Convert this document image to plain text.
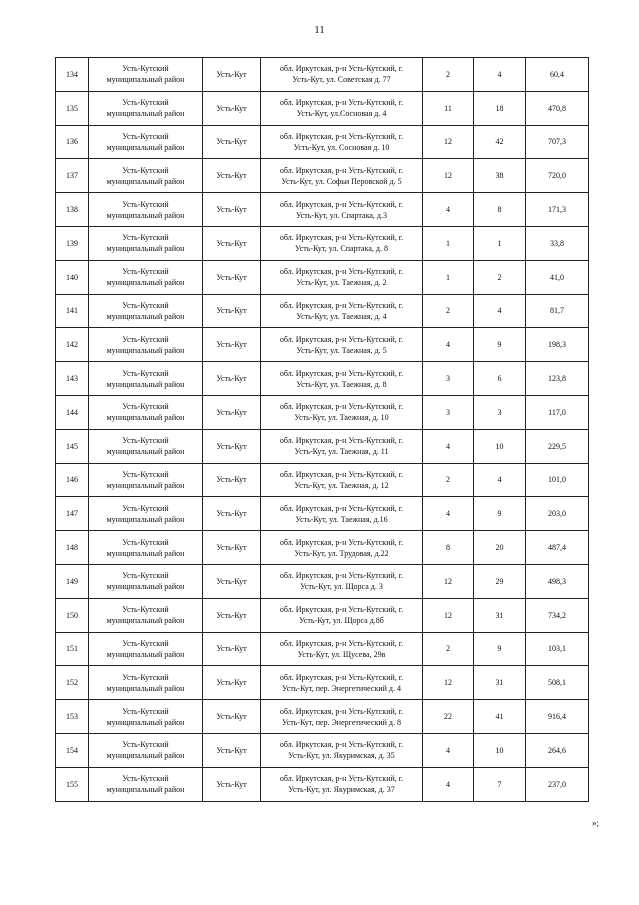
11
134	Усть-Кутский
муниципальный район	Усть-Кут	обл. Иркутская, р-н Усть-Кутский, г.
Усть-Кут, ул. Советская д. 77	2	4	60,4
135	Усть-Кутский
муниципальный район	Усть-Кут	обл. Иркутская, р-н Усть-Кутский, г.
Усть-Кут, ул.Сосновая д. 4	11	18	470,8
136	Усть-Кутский
муниципальный район	Усть-Кут	обл. Иркутская, р-н Усть-Кутский, г.
Усть-Кут, ул. Сосновая д. 10	12	42	707,3
137	Усть-Кутский
муниципальный район	Усть-Кут	обл. Иркутская, р-н Усть-Кутский, г.
Усть-Кут, ул. Софьи Перовской д. 5	12	38	720,0
138	Усть-Кутский
муниципальный район	Усть-Кут	обл. Иркутская, р-н Усть-Кутский, г.
Усть-Кут, ул. Спартака, д.3	4	8	171,3
139	Усть-Кутский
муниципальный район	Усть-Кут	обл. Иркутская, р-н Усть-Кутский, г.
Усть-Кут, ул. Спартака, д. 8	1	1	33,8
140	Усть-Кутский
муниципальный район	Усть-Кут	обл. Иркутская, р-н Усть-Кутский, г.
Усть-Кут, ул. Таежная, д. 2	1	2	41,0
141	Усть-Кутский
муниципальный район	Усть-Кут	обл. Иркутская, р-н Усть-Кутский, г.
Усть-Кут, ул. Таежная, д. 4	2	4	81,7
142	Усть-Кутский
муниципальный район	Усть-Кут	обл. Иркутская, р-н Усть-Кутский, г.
Усть-Кут, ул. Таежная, д. 5	4	9	198,3
143	Усть-Кутский
муниципальный район	Усть-Кут	обл. Иркутская, р-н Усть-Кутский, г.
Усть-Кут, ул. Таежная, д. 8	3	6	123,8
144	Усть-Кутский
муниципальный район	Усть-Кут	обл. Иркутская, р-н Усть-Кутский, г.
Усть-Кут, ул. Таежная, д. 10	3	3	117,0
145	Усть-Кутский
муниципальный район	Усть-Кут	обл. Иркутская, р-н Усть-Кутский, г.
Усть-Кут, ул. Таежная, д. 11	4	10	229,5
146	Усть-Кутский
муниципальный район	Усть-Кут	обл. Иркутская, р-н Усть-Кутский, г.
Усть-Кут, ул. Таежная, д. 12	2	4	101,0
147	Усть-Кутский
муниципальный район	Усть-Кут	обл. Иркутская, р-н Усть-Кутский, г.
Усть-Кут, ул. Таежная, д.16	4	9	203,0
148	Усть-Кутский
муниципальный район	Усть-Кут	обл. Иркутская, р-н Усть-Кутский, г.
Усть-Кут, ул. Трудовая, д.22	8	20	487,4
149	Усть-Кутский
муниципальный район	Усть-Кут	обл. Иркутская, р-н Усть-Кутский, г.
Усть-Кут, ул. Щорса д. 3	12	29	498,3
150	Усть-Кутский
муниципальный район	Усть-Кут	обл. Иркутская, р-н Усть-Кутский, г.
Усть-Кут, ул. Щорса д.8б	12	31	734,2
151	Усть-Кутский
муниципальный район	Усть-Кут	обл. Иркутская, р-н Усть-Кутский, г.
Усть-Кут, ул. Щусева, 29в	2	9	103,1
152	Усть-Кутский
муниципальный район	Усть-Кут	обл. Иркутская, р-н Усть-Кутский, г.
Усть-Кут, пер. Энергетический д. 4	12	31	508,1
153	Усть-Кутский
муниципальный район	Усть-Кут	обл. Иркутская, р-н Усть-Кутский, г.
Усть-Кут, пер. Энергетический д. 8	22	41	916,4
154	Усть-Кутский
муниципальный район	Усть-Кут	обл. Иркутская, р-н Усть-Кутский, г.
Усть-Кут, ул. Якуримская, д. 35	4	10	264,6
155	Усть-Кутский
муниципальный район	Усть-Кут	обл. Иркутская, р-н Усть-Кутский, г.
Усть-Кут, ул. Якуримская, д. 37	4	7	237,0
»;
